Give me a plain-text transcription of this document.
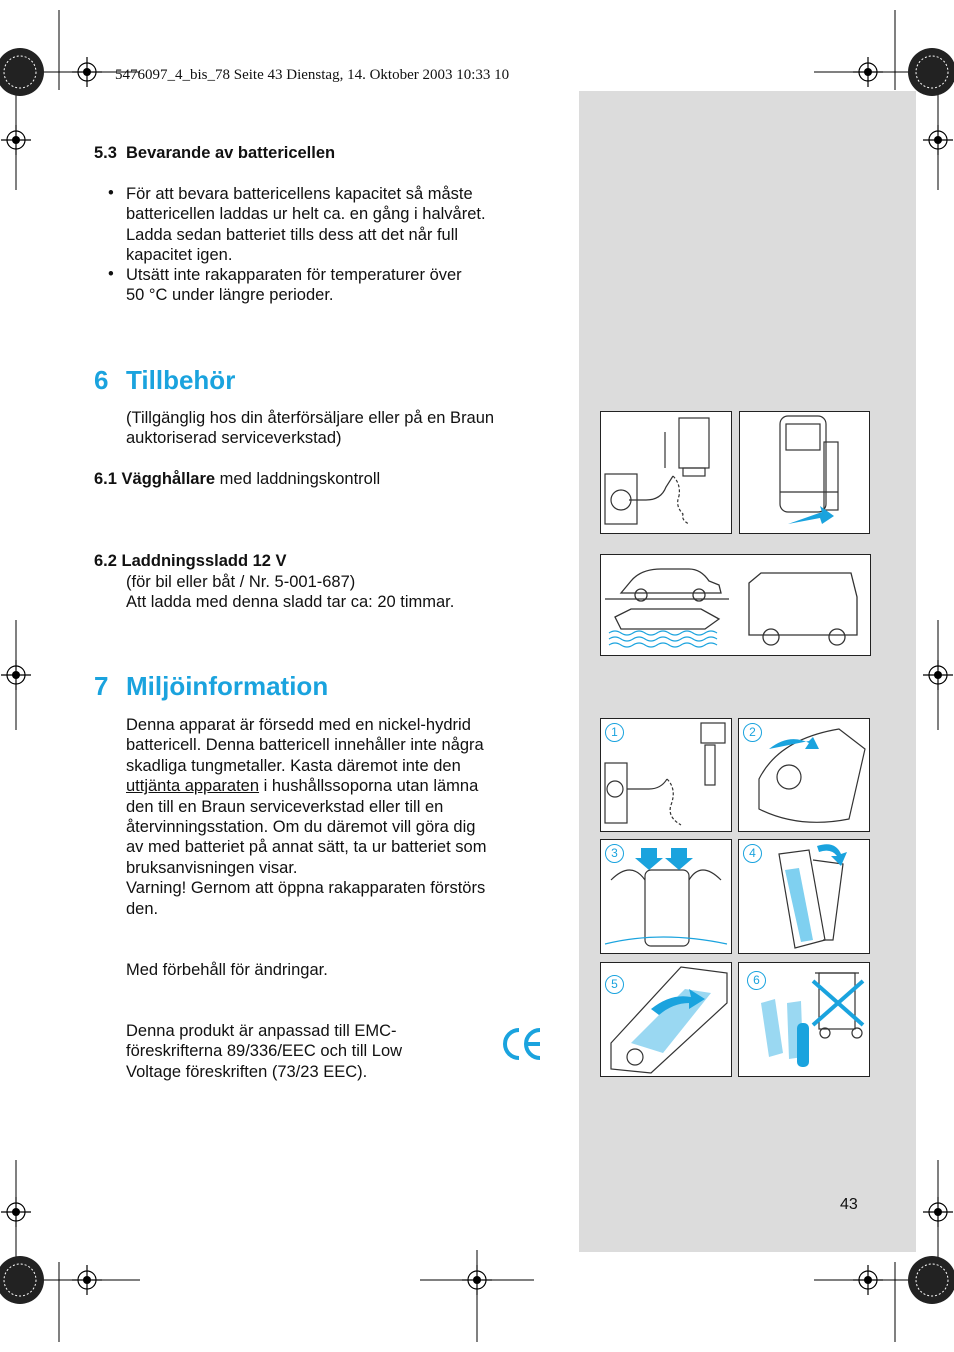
5476097_4_bis_78 Seite 43 Dienstag, 14. Oktober 2003 10:33 10
5.3 Bevarande av battericellen
• För att bevara battericellens kapacitet så måste
battericellen laddas ur helt ca. en gång i halvåret.
Ladda sedan batteriet tills dess att det når full
kapacitet igen.
• Utsätt inte rakapparaten för temperaturer över
50 °C under längre perioder.
6 Tillbehör
(Tillgänglig hos din återförsäljare eller på en Braun
auktoriserad serviceverkstad)
6.1 Vägghållare med laddningskontroll
6.2 Laddningssladd 12 V
(för bil eller båt / Nr. 5-001-687)
Att ladda med denna sladd tar ca: 20 timmar.
7 Miljöinformation
Denna apparat är försedd med en nickel-hydrid
battericell. Denna battericell innehåller inte några
skadliga tungmetaller. Kasta däremot inte den
uttjänta apparaten i hushållssoporna utan lämna
den till en Braun serviceverkstad eller till en
återvinningsstation. Om du däremot vill göra dig
av med batteriet på annat sätt, ta ur batteriet som
bruksanvisningen visar.
Varning! Gernom att öppna rakapparaten förstörs
den.
Med förbehåll för ändringar.
Denna produkt är anpassad till EMC-
föreskrifterna 89/336/EEC och till Low
Voltage föreskriften (73/23 EEC).
1	2
3	4
5	6
43
